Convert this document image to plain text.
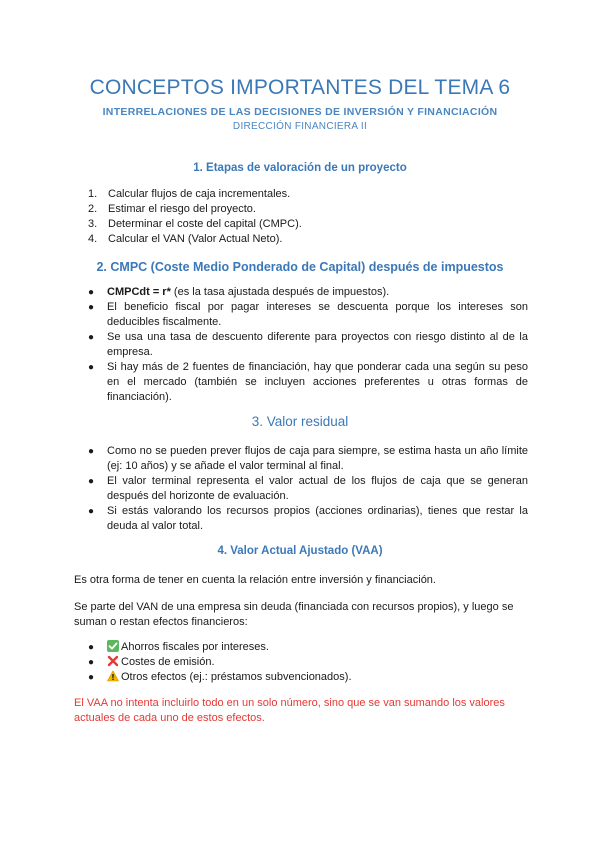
CONCEPTOS IMPORTANTES DEL TEMA 6
INTERRELACIONES DE LAS DECISIONES DE INVERSIÓN Y FINANCIACIÓN
DIRECCIÓN FINANCIERA II
1. Etapas de valoración de un proyecto
1. Calcular flujos de caja incrementales.
2. Estimar el riesgo del proyecto.
3. Determinar el coste del capital (CMPC).
4. Calcular el VAN (Valor Actual Neto).
2. CMPC (Coste Medio Ponderado de Capital) después de impuestos
●	CMPCdt = r* (es la tasa ajustada después de impuestos).
●	El beneficio fiscal por pagar intereses se descuenta porque los intereses son deducibles fiscalmente.
●	Se usa una tasa de descuento diferente para proyectos con riesgo distinto al de la empresa.
●	Si hay más de 2 fuentes de financiación, hay que ponderar cada una según su peso en el mercado (también se incluyen acciones preferentes u otras formas de financiación).
3. Valor residual
●	Como no se pueden prever flujos de caja para siempre, se estima hasta un año límite (ej: 10 años) y se añade el valor terminal al final.
●	El valor terminal representa el valor actual de los flujos de caja que se generan después del horizonte de evaluación.
●	Si estás valorando los recursos propios (acciones ordinarias), tienes que restar la deuda al valor total.
4. Valor Actual Ajustado (VAA)
Es otra forma de tener en cuenta la relación entre inversión y financiación.
Se parte del VAN de una empresa sin deuda (financiada con recursos propios), y luego se suman o restan efectos financieros:
●	Ahorros fiscales por intereses.
●	Costes de emisión.
●	Otros efectos (ej.: préstamos subvencionados).
El VAA no intenta incluirlo todo en un solo número, sino que se van sumando los valores actuales de cada uno de estos efectos.
